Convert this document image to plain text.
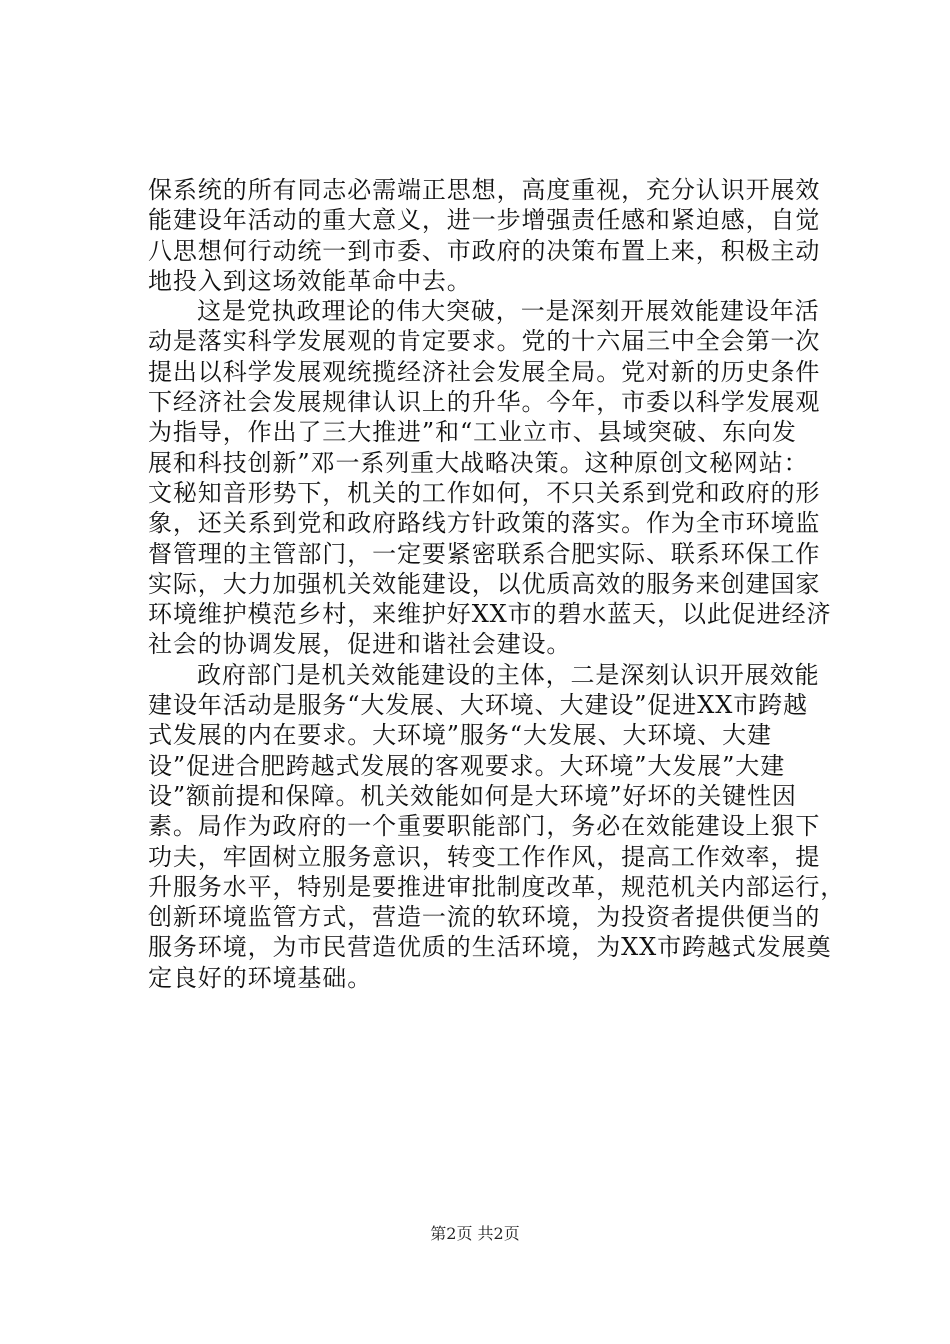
保系统的所有同志必需端正思想，高度重视，充分认识开展效
能建设年活动的重大意义，进一步增强责任感和紧迫感，自觉
八思想何行动统一到市委、市政府的决策布置上来，积极主动
地投入到这场效能革命中去。
这是党执政理论的伟大突破，一是深刻开展效能建设年活
动是落实科学发展观的肯定要求。党的十六届三中全会第一次
提出以科学发展观统揽经济社会发展全局。党对新的历史条件
下经济社会发展规律认识上的升华。今年，市委以科学发展观
为指导，作出了三大推进”和“工业立市、县域突破、东向发
展和科技创新”邓一系列重大战略决策。这种原创文秘网站：
文秘知音形势下，机关的工作如何，不只关系到党和政府的形
象，还关系到党和政府路线方针政策的落实。作为全市环境监
督管理的主管部门，一定要紧密联系合肥实际、联系环保工作
实际，大力加强机关效能建设，以优质高效的服务来创建国家
环境维护模范乡村，来维护好XX市的碧水蓝天，以此促进经济
社会的协调发展，促进和谐社会建设。
政府部门是机关效能建设的主体，二是深刻认识开展效能
建设年活动是服务“大发展、大环境、大建设”促进XX市跨越
式发展的内在要求。大环境”服务“大发展、大环境、大建
设”促进合肥跨越式发展的客观要求。大环境”大发展”大建
设”额前提和保障。机关效能如何是大环境”好坏的关键性因
素。局作为政府的一个重要职能部门，务必在效能建设上狠下
功夫，牢固树立服务意识，转变工作作风，提高工作效率，提
升服务水平，特别是要推进审批制度改革，规范机关内部运行，
创新环境监管方式，营造一流的软环境，为投资者提供便当的
服务环境，为市民营造优质的生活环境，为XX市跨越式发展奠
定良好的环境基础。
第2页 共2页
